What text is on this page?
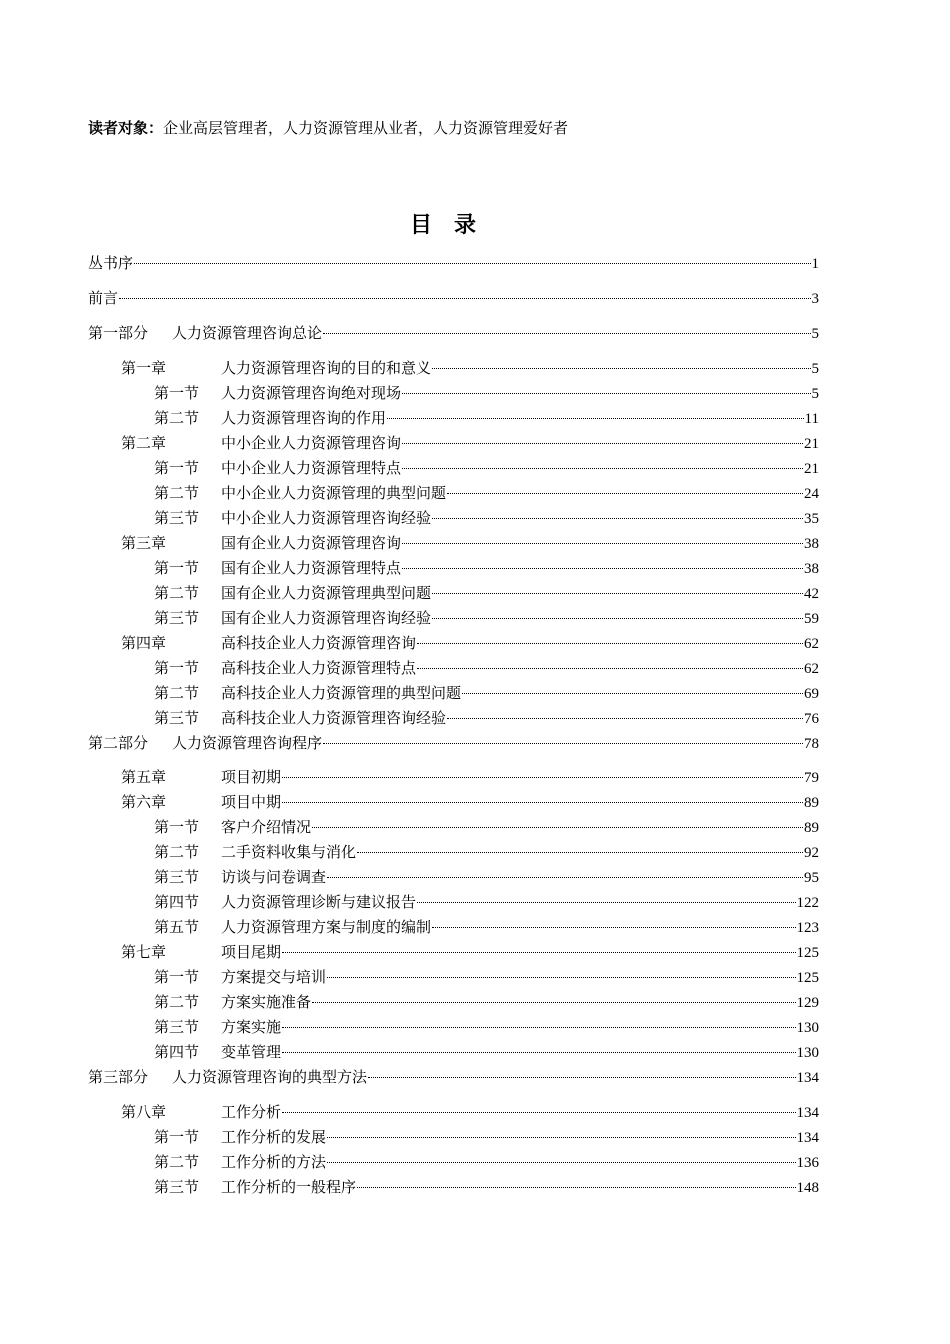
读者对象：企业高层管理者，人力资源管理从业者，人力资源管理爱好者
目录
丛书序	1
前言	3
第一部分	人力资源管理咨询总论	5
第一章	人力资源管理咨询的目的和意义	5
第一节	人力资源管理咨询绝对现场	5
第二节	人力资源管理咨询的作用	11
第二章	中小企业人力资源管理咨询	21
第一节	中小企业人力资源管理特点	21
第二节	中小企业人力资源管理的典型问题	24
第三节	中小企业人力资源管理咨询经验	35
第三章	国有企业人力资源管理咨询	38
第一节	国有企业人力资源管理特点	38
第二节	国有企业人力资源管理典型问题	42
第三节	国有企业人力资源管理咨询经验	59
第四章	高科技企业人力资源管理咨询	62
第一节	高科技企业人力资源管理特点	62
第二节	高科技企业人力资源管理的典型问题	69
第三节	高科技企业人力资源管理咨询经验	76
第二部分	人力资源管理咨询程序	78
第五章	项目初期	79
第六章	项目中期	89
第一节	客户介绍情况	89
第二节	二手资料收集与消化	92
第三节	访谈与问卷调查	95
第四节	人力资源管理诊断与建议报告	122
第五节	人力资源管理方案与制度的编制	123
第七章	项目尾期	125
第一节	方案提交与培训	125
第二节	方案实施准备	129
第三节	方案实施	130
第四节	变革管理	130
第三部分	人力资源管理咨询的典型方法	134
第八章	工作分析	134
第一节	工作分析的发展	134
第二节	工作分析的方法	136
第三节	工作分析的一般程序	148
